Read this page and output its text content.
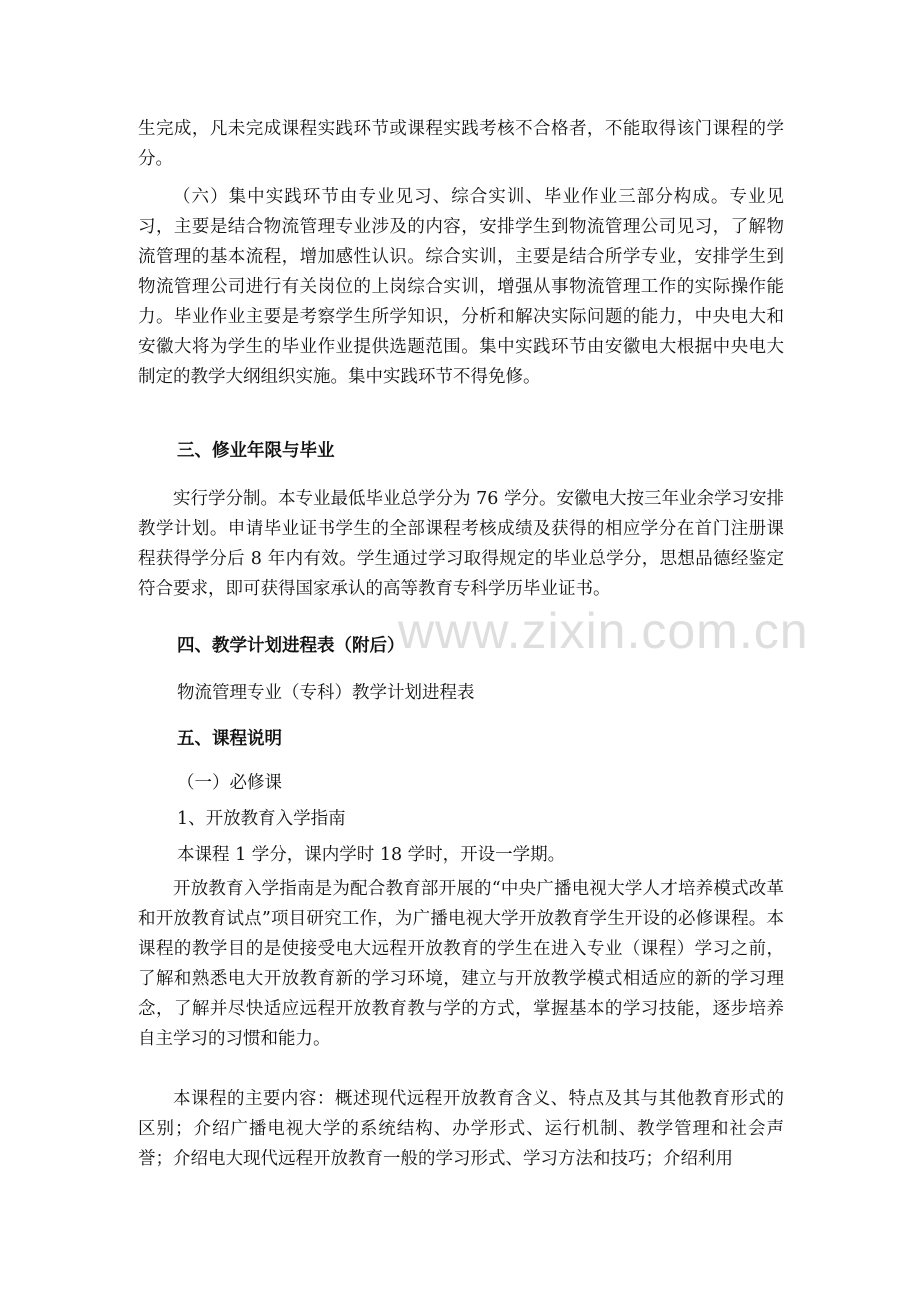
生完成，凡未完成课程实践环节或课程实践考核不合格者，不能取得该门课程的学分。

（六）集中实践环节由专业见习、综合实训、毕业作业三部分构成。专业见习，主要是结合物流管理专业涉及的内容，安排学生到物流管理公司见习，了解物流管理的基本流程，增加感性认识。综合实训，主要是结合所学专业，安排学生到物流管理公司进行有关岗位的上岗综合实训，增强从事物流管理工作的实际操作能力。毕业作业主要是考察学生所学知识，分析和解决实际问题的能力，中央电大和安徽大将为学生的毕业作业提供选题范围。集中实践环节由安徽电大根据中央电大制定的教学大纲组织实施。集中实践环节不得免修。

三、修业年限与毕业

实行学分制。本专业最低毕业总学分为 76 学分。安徽电大按三年业余学习安排教学计划。申请毕业证书学生的全部课程考核成绩及获得的相应学分在首门注册课程获得学分后 8 年内有效。学生通过学习取得规定的毕业总学分，思想品德经鉴定符合要求，即可获得国家承认的高等教育专科学历毕业证书。

四、教学计划进程表（附后）

物流管理专业（专科）教学计划进程表

五、课程说明

（一）必修课

1、开放教育入学指南

本课程 1 学分，课内学时 18 学时，开设一学期。

开放教育入学指南是为配合教育部开展的“中央广播电视大学人才培养模式改革和开放教育试点”项目研究工作，为广播电视大学开放教育学生开设的必修课程。本课程的教学目的是使接受电大远程开放教育的学生在进入专业（课程）学习之前，了解和熟悉电大开放教育新的学习环境，建立与开放教学模式相适应的新的学习理念，了解并尽快适应远程开放教育教与学的方式，掌握基本的学习技能，逐步培养自主学习的习惯和能力。

本课程的主要内容：概述现代远程开放教育含义、特点及其与其他教育形式的区别；介绍广播电视大学的系统结构、办学形式、运行机制、教学管理和社会声誉；介绍电大现代远程开放教育一般的学习形式、学习方法和技巧；介绍利用

www.zixin.com.cn
